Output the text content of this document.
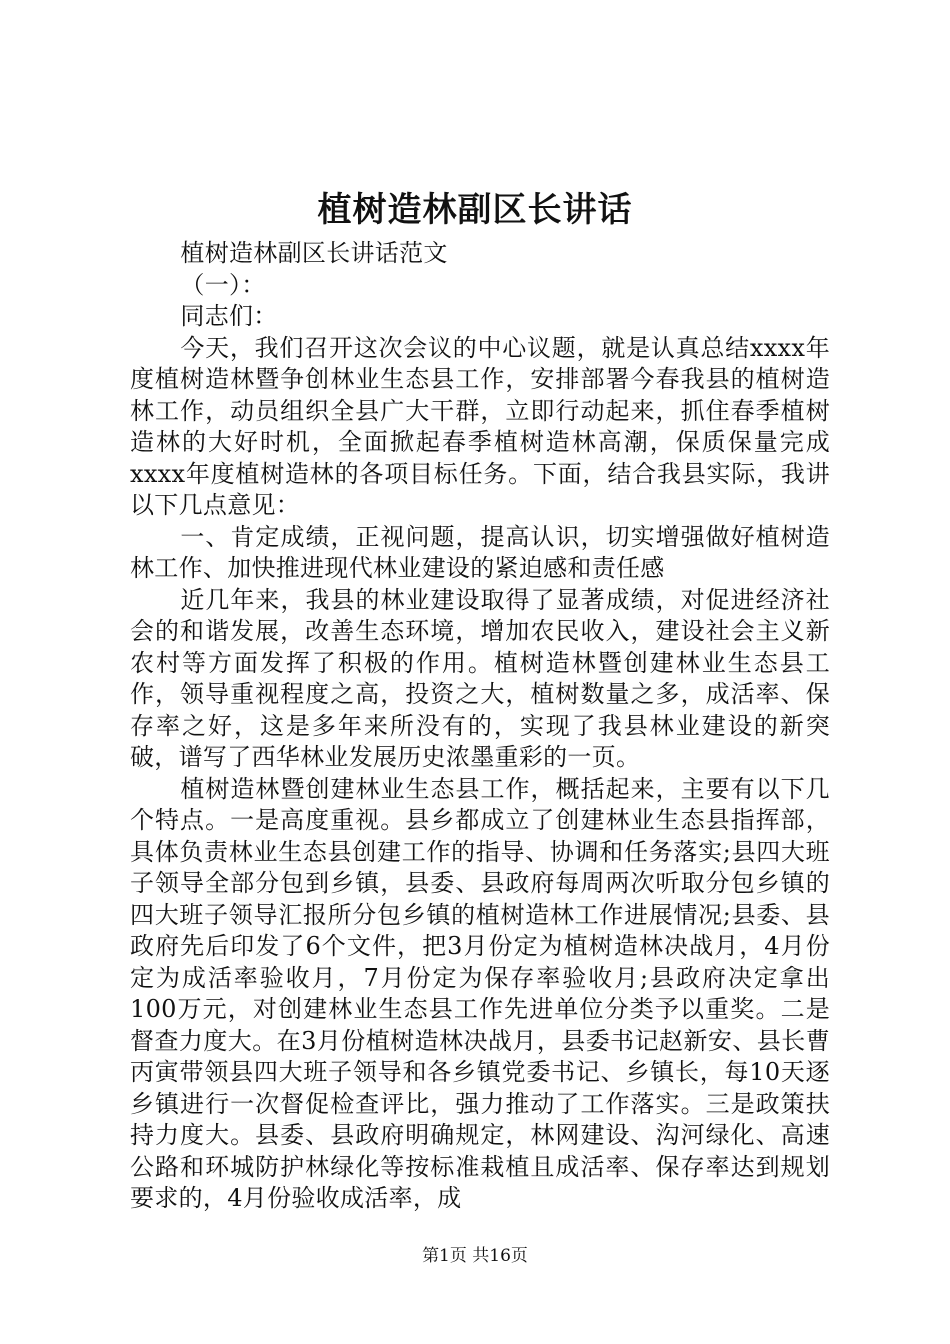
植树造林副区长讲话

植树造林副区长讲话范文

（一）：

同志们：

今天，我们召开这次会议的中心议题，就是认真总结xxxx年度植树造林暨争创林业生态县工作，安排部署今春我县的植树造林工作，动员组织全县广大干群，立即行动起来，抓住春季植树造林的大好时机，全面掀起春季植树造林高潮，保质保量完成xxxx年度植树造林的各项目标任务。下面，结合我县实际，我讲以下几点意见：

一、肯定成绩，正视问题，提高认识，切实增强做好植树造林工作、加快推进现代林业建设的紧迫感和责任感

近几年来，我县的林业建设取得了显著成绩，对促进经济社会的和谐发展，改善生态环境，增加农民收入，建设社会主义新农村等方面发挥了积极的作用。植树造林暨创建林业生态县工作，领导重视程度之高，投资之大，植树数量之多，成活率、保存率之好，这是多年来所没有的，实现了我县林业建设的新突破，谱写了西华林业发展历史浓墨重彩的一页。

植树造林暨创建林业生态县工作，概括起来，主要有以下几个特点。一是高度重视。县乡都成立了创建林业生态县指挥部，具体负责林业生态县创建工作的指导、协调和任务落实;县四大班子领导全部分包到乡镇，县委、县政府每周两次听取分包乡镇的四大班子领导汇报所分包乡镇的植树造林工作进展情况;县委、县政府先后印发了6个文件，把3月份定为植树造林决战月，4月份定为成活率验收月，7月份定为保存率验收月;县政府决定拿出100万元，对创建林业生态县工作先进单位分类予以重奖。二是督查力度大。在3月份植树造林决战月，县委书记赵新安、县长曹丙寅带领县四大班子领导和各乡镇党委书记、乡镇长，每10天逐乡镇进行一次督促检查评比，强力推动了工作落实。三是政策扶持力度大。县委、县政府明确规定，林网建设、沟河绿化、高速公路和环城防护林绿化等按标准栽植且成活率、保存率达到规划要求的，4月份验收成活率，成

第1页 共16页
